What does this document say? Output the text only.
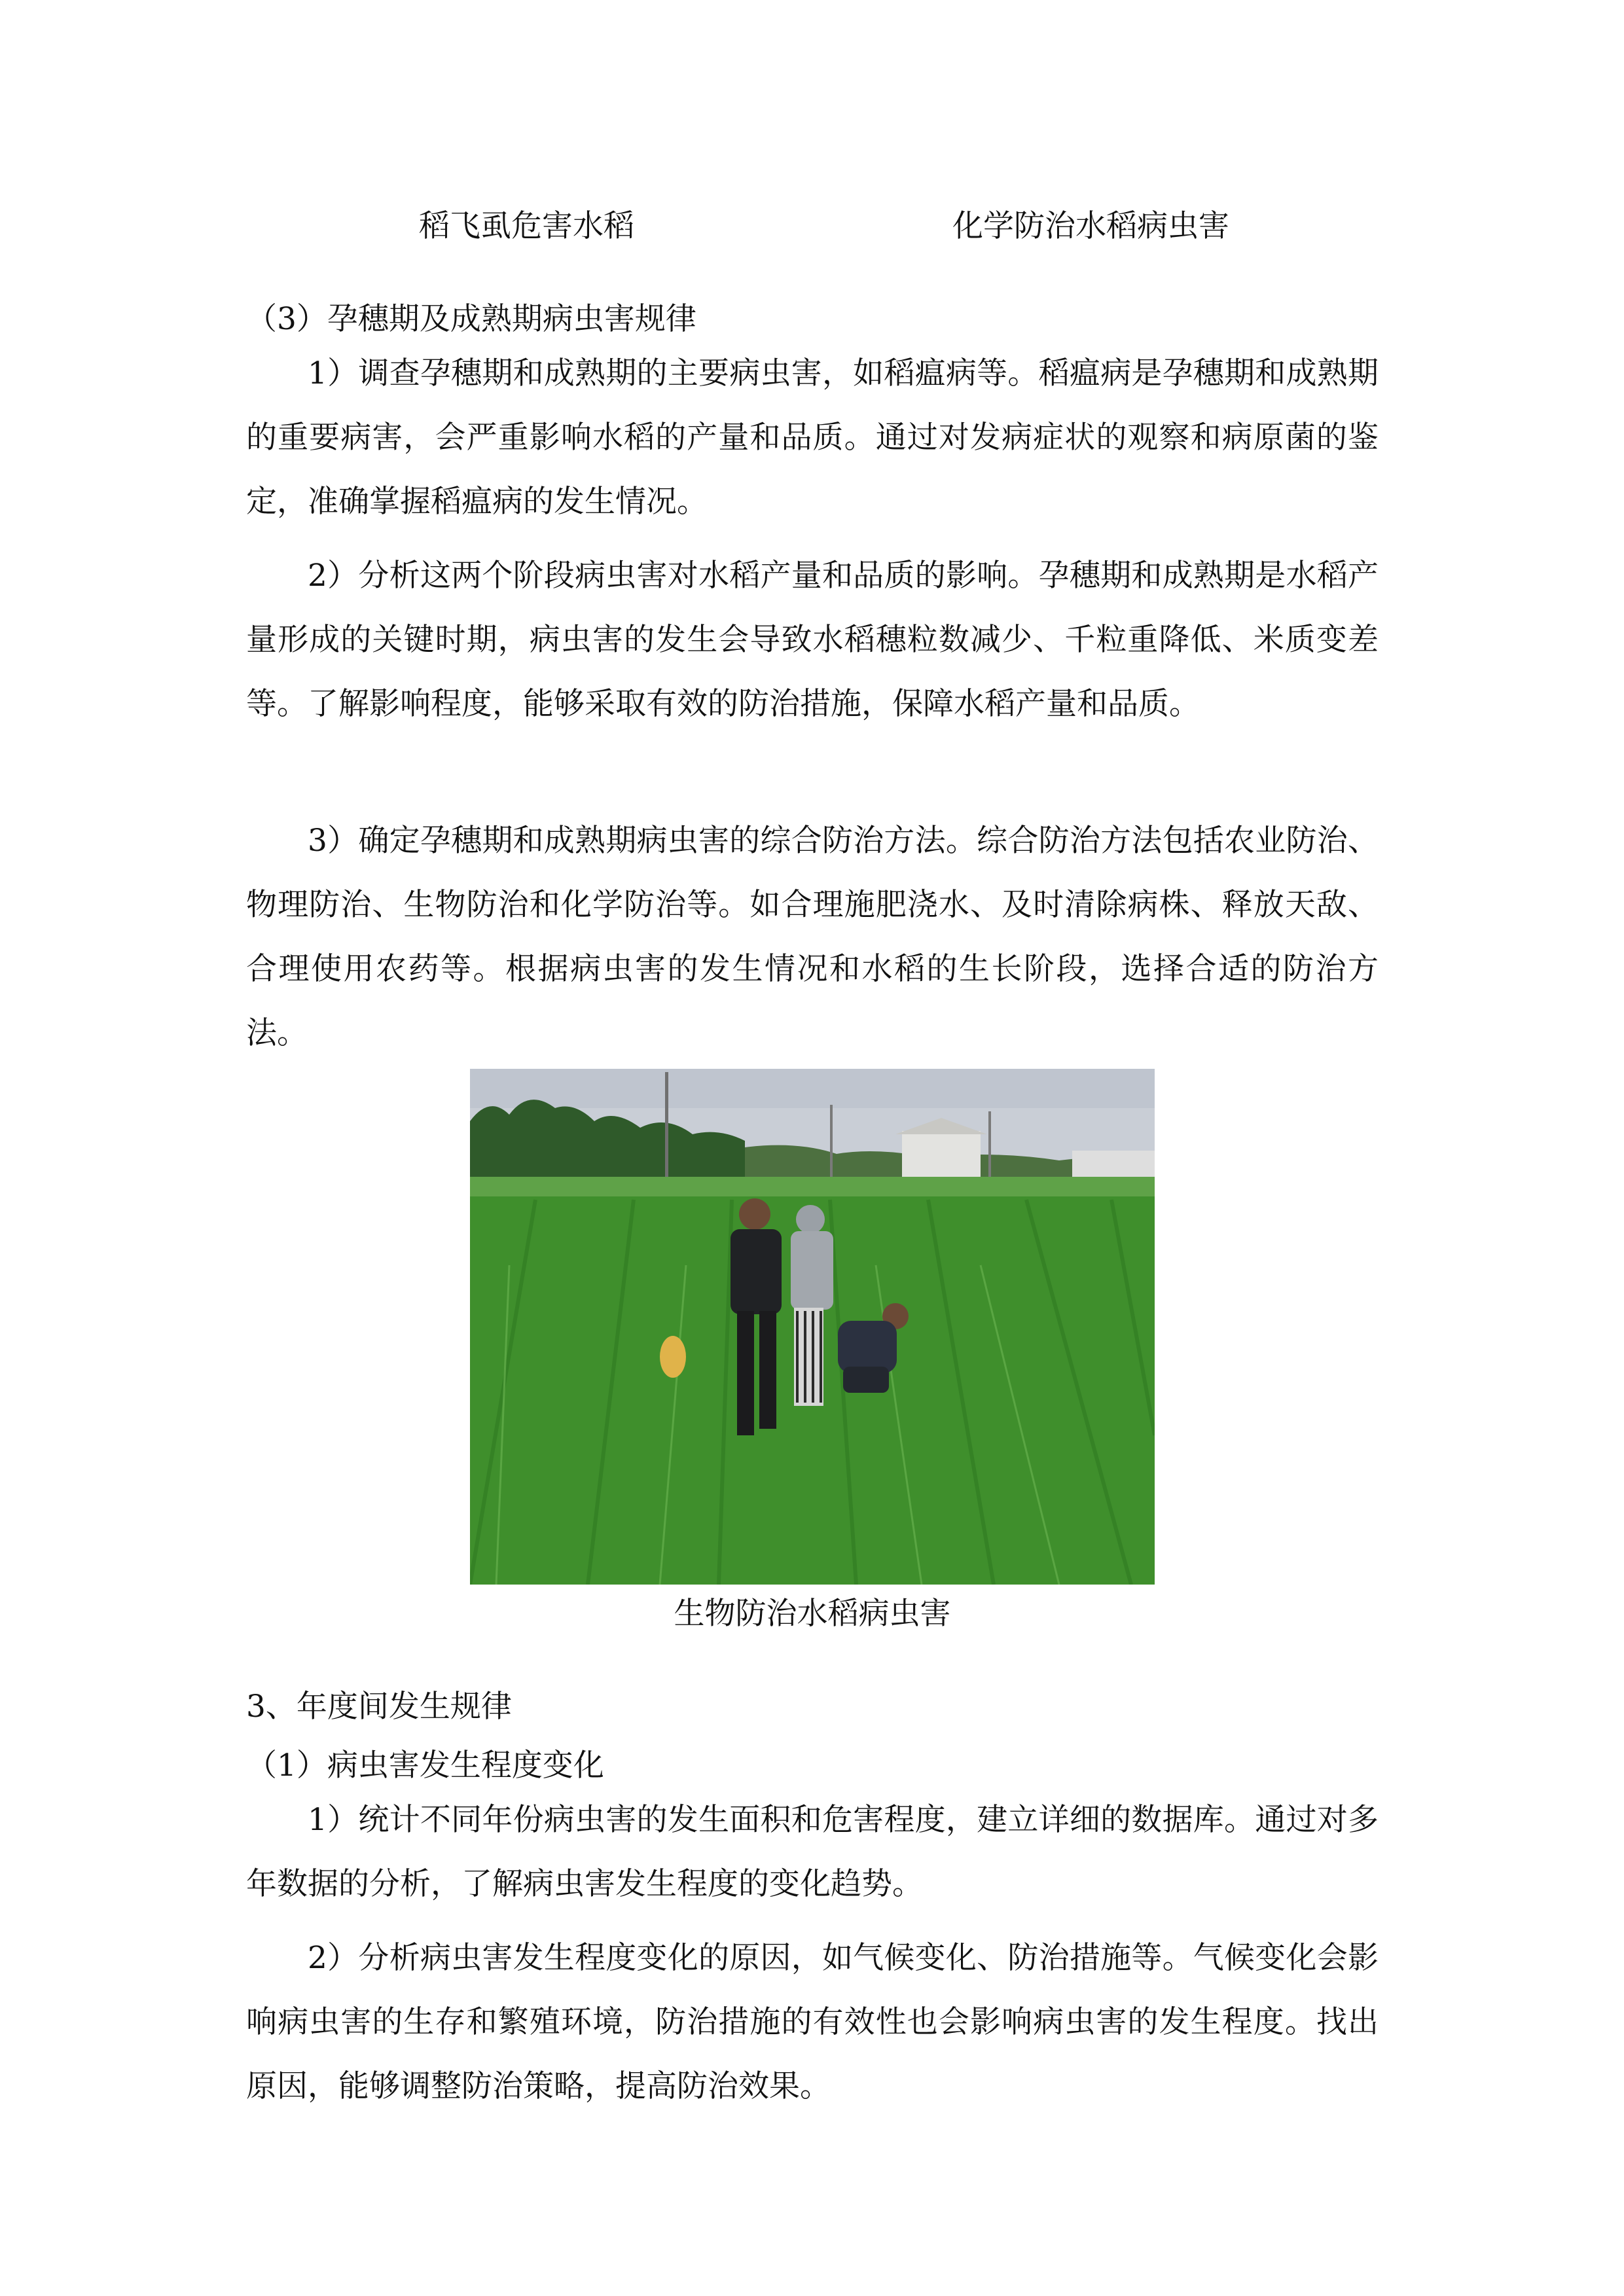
稻飞虱危害水稻	化学防治水稻病虫害

（3）孕穗期及成熟期病虫害规律

1）调查孕穗期和成熟期的主要病虫害，如稻瘟病等。稻瘟病是孕穗期和成熟期的重要病害，会严重影响水稻的产量和品质。通过对发病症状的观察和病原菌的鉴定，准确掌握稻瘟病的发生情况。

2）分析这两个阶段病虫害对水稻产量和品质的影响。孕穗期和成熟期是水稻产量形成的关键时期，病虫害的发生会导致水稻穗粒数减少、千粒重降低、米质变差等。了解影响程度，能够采取有效的防治措施，保障水稻产量和品质。

3）确定孕穗期和成熟期病虫害的综合防治方法。综合防治方法包括农业防治、物理防治、生物防治和化学防治等。如合理施肥浇水、及时清除病株、释放天敌、合理使用农药等。根据病虫害的发生情况和水稻的生长阶段，选择合适的防治方法。

生物防治水稻病虫害

3、年度间发生规律

（1）病虫害发生程度变化

1）统计不同年份病虫害的发生面积和危害程度，建立详细的数据库。通过对多年数据的分析，了解病虫害发生程度的变化趋势。

2）分析病虫害发生程度变化的原因，如气候变化、防治措施等。气候变化会影响病虫害的生存和繁殖环境，防治措施的有效性也会影响病虫害的发生程度。找出原因，能够调整防治策略，提高防治效果。
